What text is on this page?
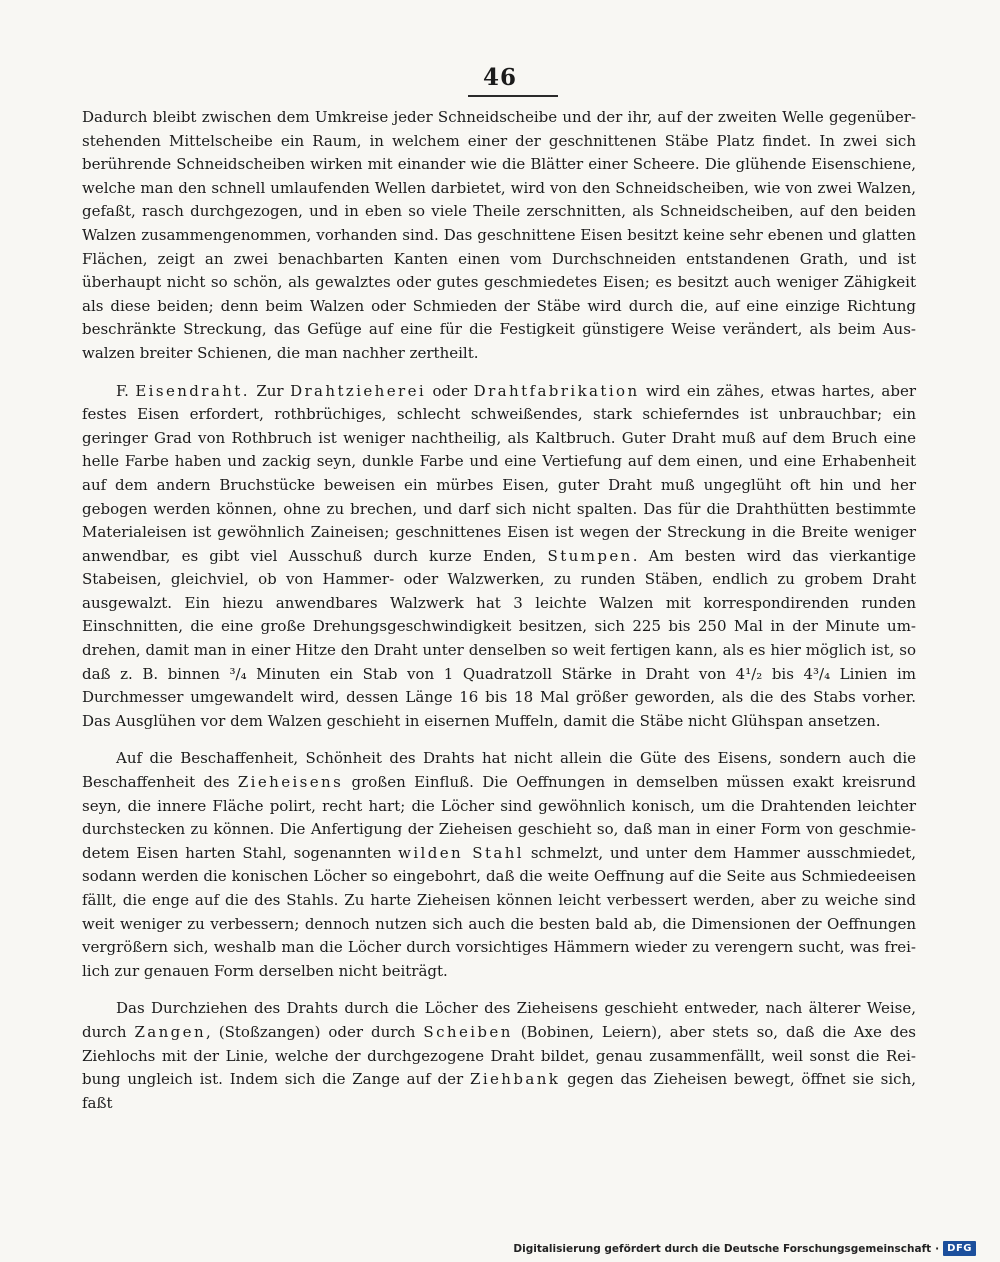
46

Dadurch bleibt zwischen dem Umkreise jeder Schneidscheibe und der ihr, auf der zweiten Welle gegenüberstehenden Mittelscheibe ein Raum, in welchem einer der geschnittenen Stäbe Platz findet. In zwei sich berührende Schneidscheiben wirken mit einander wie die Blätter einer Scheere. Die glühende Eisenschiene, welche man den schnell umlaufenden Wellen darbietet, wird von den Schneidscheiben, wie von zwei Walzen, gefaßt, rasch durchgezogen, und in eben so viele Theile zerschnitten, als Schneidscheiben, auf den beiden Walzen zusammengenommen, vorhanden sind. Das geschnittene Eisen besitzt keine sehr ebenen und glatten Flächen, zeigt an zwei benachbarten Kanten einen vom Durchschneiden entstandenen Grath, und ist überhaupt nicht so schön, als gewalztes oder gutes geschmiedetes Eisen; es besitzt auch weniger Zähigkeit als diese beiden; denn beim Walzen oder Schmieden der Stäbe wird durch die, auf eine einzige Richtung beschränkte Streckung, das Gefüge auf eine für die Festigkeit günstigere Weise verändert, als beim Auswalzen breiter Schienen, die man nachher zertheilt.

F. Eisendraht. Zur Drahtzieherei oder Drahtfabrikation wird ein zähes, etwas hartes, aber festes Eisen erfordert, rothbrüchiges, schlecht schweißendes, stark schieferndes ist unbrauchbar; ein geringer Grad von Rothbruch ist weniger nachtheilig, als Kaltbruch. Guter Draht muß auf dem Bruch eine helle Farbe haben und zackig seyn, dunkle Farbe und eine Vertiefung auf dem einen, und eine Erhabenheit auf dem andern Bruchstücke beweisen ein mürbes Eisen, guter Draht muß ungeglüht oft hin und her gebogen werden können, ohne zu brechen, und darf sich nicht spalten. Das für die Drahthütten bestimmte Materialeisen ist gewöhnlich Zaineisen; geschnittenes Eisen ist wegen der Streckung in die Breite weniger anwendbar, es gibt viel Ausschuß durch kurze Enden, Stumpen. Am besten wird das vierkantige Stabeisen, gleichviel, ob von Hammer- oder Walzwerken, zu runden Stäben, endlich zu grobem Draht ausgewalzt. Ein hiezu anwendbares Walzwerk hat 3 leichte Walzen mit korrespondirenden runden Einschnitten, die eine große Drehungsgeschwindigkeit besitzen, sich 225 bis 250 Mal in der Minute umdrehen, damit man in einer Hitze den Draht unter denselben so weit fertigen kann, als es hier möglich ist, so daß z. B. binnen ³/₄ Minuten ein Stab von 1 Quadratzoll Stärke in Draht von 4¹/₂ bis 4³/₄ Linien im Durchmesser umgewandelt wird, dessen Länge 16 bis 18 Mal größer geworden, als die des Stabs vorher. Das Ausglühen vor dem Walzen geschieht in eisernen Muffeln, damit die Stäbe nicht Glühspan ansetzen.

Auf die Beschaffenheit, Schönheit des Drahts hat nicht allein die Güte des Eisens, sondern auch die Beschaffenheit des Zieheisens großen Einfluß. Die Oeffnungen in demselben müssen exakt kreisrund seyn, die innere Fläche polirt, recht hart; die Löcher sind gewöhnlich konisch, um die Drahtenden leichter durchstecken zu können. Die Anfertigung der Zieheisen geschieht so, daß man in einer Form von geschmiedetem Eisen harten Stahl, sogenannten wilden Stahl schmelzt, und unter dem Hammer ausschmiedet, sodann werden die konischen Löcher so eingebohrt, daß die weite Oeffnung auf die Seite aus Schmiedeeisen fällt, die enge auf die des Stahls. Zu harte Zieheisen können leicht verbessert werden, aber zu weiche sind weit weniger zu verbessern; dennoch nutzen sich auch die besten bald ab, die Dimensionen der Oeffnungen vergrößern sich, weshalb man die Löcher durch vorsichtiges Hämmern wieder zu verengern sucht, was freilich zur genauen Form derselben nicht beiträgt.

Das Durchziehen des Drahts durch die Löcher des Zieheisens geschieht entweder, nach älterer Weise, durch Zangen, (Stoßzangen) oder durch Scheiben (Bobinen, Leiern), aber stets so, daß die Axe des Ziehlochs mit der Linie, welche der durchgezogene Draht bildet, genau zusammenfällt, weil sonst die Reibung ungleich ist. Indem sich die Zange auf der Ziehbank gegen das Zieheisen bewegt, öffnet sie sich, faßt

Digitalisierung gefördert durch die Deutsche Forschungsgemeinschaft · DFG
